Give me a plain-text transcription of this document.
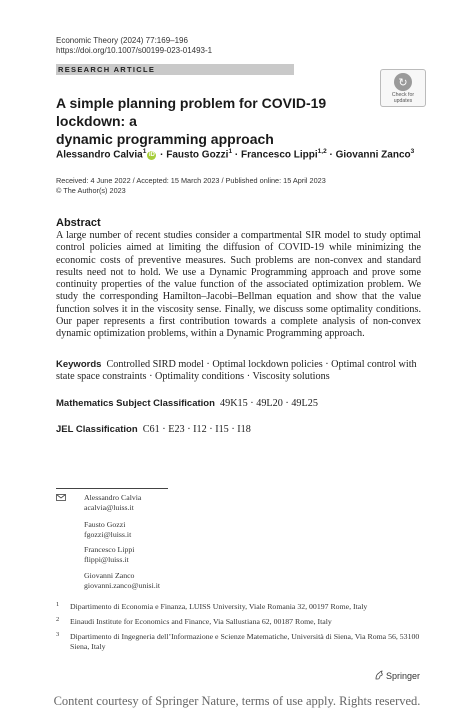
Economic Theory (2024) 77:169–196
https://doi.org/10.1007/s00199-023-01493-1
RESEARCH ARTICLE
↻
Check for
updates
A simple planning problem for COVID-19 lockdown: a
dynamic programming approach
Alessandro Calvia$^1$iD · Fausto Gozzi$^1$ · Francesco Lippi$^{1,2}$ · Giovanni Zanco$^3$
Received: 4 June 2022 / Accepted: 15 March 2023 / Published online: 15 April 2023
© The Author(s) 2023
Abstract
A large number of recent studies consider a compartmental SIR model to study optimal control policies aimed at limiting the diffusion of COVID-19 while minimizing the economic costs of preventive measures. Such problems are non-convex and standard results need not to hold. We use a Dynamic Programming approach and prove some continuity properties of the value function of the associated optimization problem. We study the corresponding Hamilton–Jacobi–Bellman equation and show that the value function solves it in the viscosity sense. Finally, we discuss some optimality conditions. Our paper represents a first contribution towards a complete analysis of non-convex dynamic optimization problems, within a Dynamic Programming approach.
Keywords Controlled SIRD model · Optimal lockdown policies · Optimal control with state space constraints · Optimality conditions · Viscosity solutions
Mathematics Subject Classification 49K15 · 49L20 · 49L25
JEL Classification C61 · E23 · I12 · I15 · I18
Alessandro Calvia
acalvia@luiss.it
Fausto Gozzi
fgozzi@luiss.it
Francesco Lippi
flippi@luiss.it
Giovanni Zanco
giovanni.zanco@unisi.it
1 Dipartimento di Economia e Finanza, LUISS University, Viale Romania 32, 00197 Rome, Italy
2 Einaudi Institute for Economics and Finance, Via Sallustiana 62, 00187 Rome, Italy
3 Dipartimento di Ingegneria dell’Informazione e Scienze Matematiche, Università di Siena, Via Roma 56, 53100 Siena, Italy
Springer
Content courtesy of Springer Nature, terms of use apply. Rights reserved.
